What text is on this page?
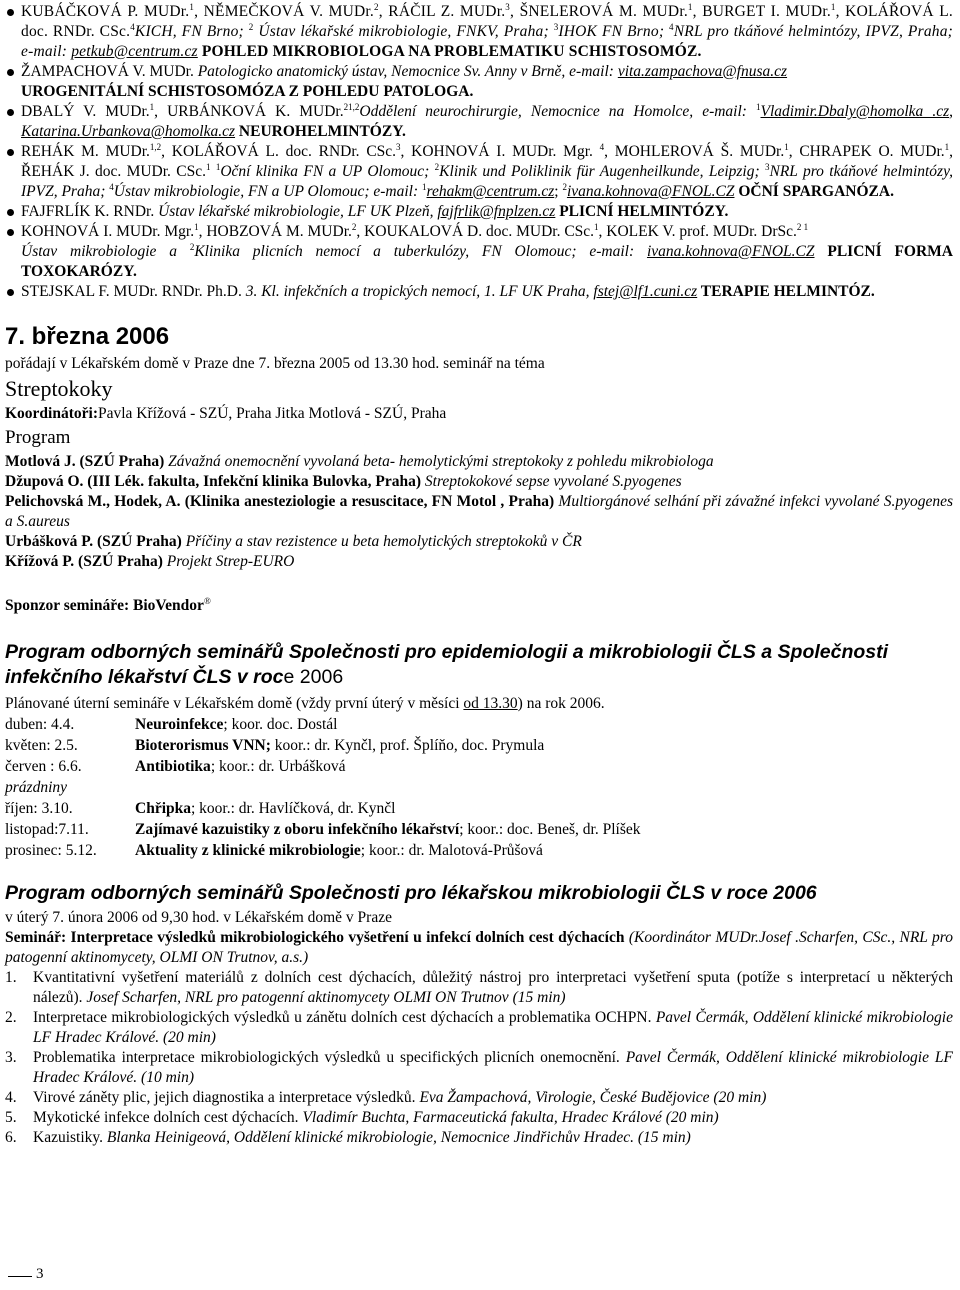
KUBÁČKOVÁ P. MUDr.$^1$, NĚMEČKOVÁ V. MUDr.$^2$, RÁČIL Z. MUDr.$^3$, ŠNELEROVÁ M. MUDr.$^1$, BURGET I. MUDr.$^1$, KOLÁŘOVÁ L. doc. RNDr. CSc.$^4$KICH, FN Brno; $^2$ Ústav lékařské mikrobiologie, FNKV, Praha; $^3$IHOK FN Brno; $^4$NRL pro tkáňové helmintózy, IPVZ, Praha; e-mail: petkub@centrum.cz POHLED MIKROBIOLOGA NA PROBLEMATIKU SCHISTOSOMÓZ.

ŽAMPACHOVÁ V. MUDr. Patologicko anatomický ústav, Nemocnice Sv. Anny v Brně, e-mail: vita.zampachova@fnusa.cz
UROGENITÁLNÍ SCHISTOSOMÓZA Z POHLEDU PATOLOGA.

DBALÝ V. MUDr.$^1$, URBÁNKOVÁ K. MUDr.$^{21,2}$Oddělení neurochirurgie, Nemocnice na Homolce, e-mail: $^1$Vladimir.Dbaly@homolka .cz, Katarina.Urbankova@homolka.cz NEUROHELMINTÓZY.

REHÁK M. MUDr.$^{1,2}$, KOLÁŘOVÁ L. doc. RNDr. CSc.$^3$, KOHNOVÁ I. MUDr. Mgr. $^4$, MOHLEROVÁ Š. MUDr.$^1$, CHRAPEK O. MUDr.$^1$, ŘEHÁK J. doc. MUDr. CSc.$^1$ $^1$Oční klinika FN a UP Olomouc; $^2$Klinik und Poliklinik für Augenheilkunde, Leipzig; $^3$NRL pro tkáňové helmintózy, IPVZ, Praha; $^4$Ústav mikrobiologie, FN a UP Olomouc; e-mail: $^1$rehakm@centrum.cz; $^2$ivana.kohnova@FNOL.CZ OČNÍ SPARGANÓZA.

FAJFRLÍK K. RNDr. Ústav lékařské mikrobiologie, LF UK Plzeň, fajfrlik@fnplzen.cz PLICNÍ HELMINTÓZY.

KOHNOVÁ I. MUDr. Mgr.$^1$, HOBZOVÁ M. MUDr.$^2$, KOUKALOVÁ D. doc. MUDr. CSc.$^1$, KOLEK V. prof. MUDr. DrSc.$^{2 1}$
Ústav mikrobiologie a $^2$Klinika plicních nemocí a tuberkulózy, FN Olomouc; e-mail: ivana.kohnova@FNOL.CZ PLICNÍ FORMA TOXOKARÓZY.

STEJSKAL F. MUDr. RNDr. Ph.D. 3. Kl. infekčních a tropických nemocí, 1. LF UK Praha, fstej@lf1.cuni.cz TERAPIE HELMINTÓZ.

7. března 2006

pořádají v Lékařském domě v Praze dne 7. března 2005 od 13.30 hod. seminář na téma

Streptokoky

Koordinátoři:Pavla Křížová - SZÚ, Praha Jitka Motlová - SZÚ, Praha

Program

Motlová J. (SZÚ Praha) Závažná onemocnění vyvolaná beta- hemolytickými streptokoky z pohledu mikrobiologa

Džupová O. (III Lék. fakulta, Infekční klinika Bulovka, Praha) Streptokokové sepse vyvolané S.pyogenes

Pelichovská M., Hodek, A. (Klinika anesteziologie a resuscitace, FN Motol , Praha) Multiorgánové selhání při závažné infekci vyvolané S.pyogenes a S.aureus

Urbášková P. (SZÚ Praha) Příčiny a stav rezistence u beta hemolytických streptokoků v ČR

Křížová P. (SZÚ Praha) Projekt Strep-EURO

Sponzor semináře: BioVendor®

Program odborných seminářů Společnosti pro epidemiologii a mikrobiologii ČLS a Společnosti infekčního lékařství ČLS v roce 2006

Plánované úterní semináře v Lékařském domě (vždy první úterý v měsíci od 13.30) na rok 2006.

duben: 4.4.	Neuroinfekce; koor. doc. Dostál
květen: 2.5.	Bioterorismus VNN; koor.: dr. Kynčl, prof. Šplíňo, doc. Prymula
červen : 6.6.	Antibiotika; koor.: dr. Urbášková
prázdniny
říjen: 3.10.	Chřipka; koor.: dr. Havlíčková, dr. Kynčl
listopad:7.11.	Zajímavé kazuistiky z oboru infekčního lékařství; koor.: doc. Beneš, dr. Plíšek
prosinec: 5.12.	Aktuality z klinické mikrobiologie; koor.: dr. Malotová-Průšová
Program odborných seminářů Společnosti pro lékařskou mikrobiologii ČLS v roce 2006

v úterý 7. února 2006 od 9,30 hod. v Lékařském domě v Praze

Seminář: Interpretace výsledků mikrobiologického vyšetření u infekcí dolních cest dýchacích (Koordinátor MUDr.Josef .Scharfen, CSc., NRL pro patogenní aktinomycety, OLMI ON Trutnov, a.s.)

1.	Kvantitativní vyšetření materiálů z dolních cest dýchacích, důležitý nástroj pro interpretaci vyšetření sputa (potíže s interpretací u některých nálezů). Josef Scharfen, NRL pro patogenní aktinomycety OLMI ON Trutnov (15 min)
2.	Interpretace mikrobiologických výsledků u zánětu dolních cest dýchacích a problematika OCHPN. Pavel Čermák, Oddělení klinické mikrobiologie LF Hradec Králové. (20 min)
3.	Problematika interpretace mikrobiologických výsledků u specifických plicních onemocnění. Pavel Čermák, Oddělení klinické mikrobiologie LF Hradec Králové. (10 min)
4.	Virové záněty plic, jejich diagnostika a interpretace výsledků. Eva Žampachová, Virologie, České Budějovice (20 min)
5.	Mykotické infekce dolních cest dýchacích. Vladimír Buchta, Farmaceutická fakulta, Hradec Králové (20 min)
6.	Kazuistiky. Blanka Heinigeová, Oddělení klinické mikrobiologie, Nemocnice Jindřichův Hradec. (15 min)
3
